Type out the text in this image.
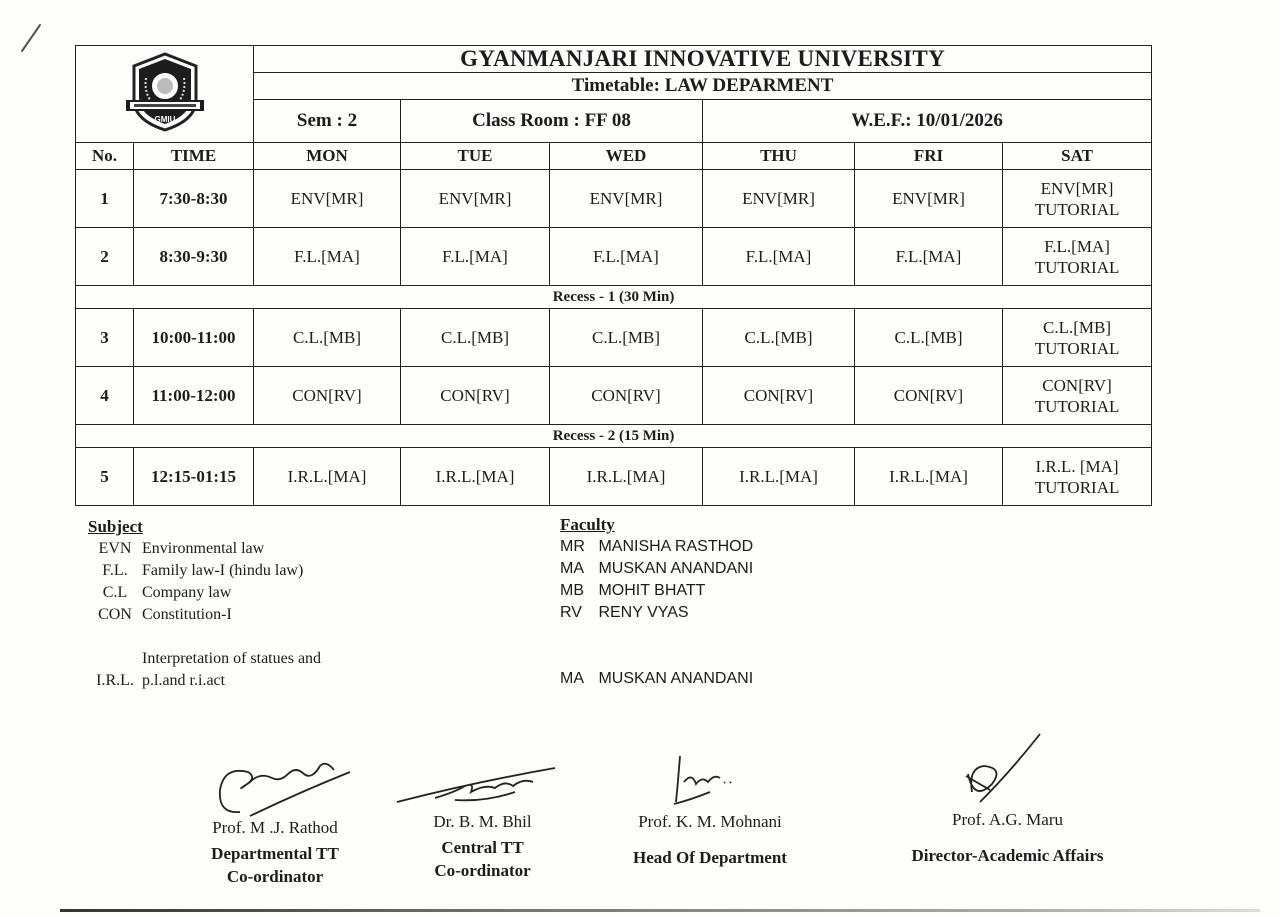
GMIU		GYANMANJARI INNOVATIVE UNIVERSITY					
		Timetable: LAW DEPARMENT					
		Sem : 2	Class Room : FF 08		W.E.F.: 10/01/2026		
No.	TIME	MON	TUE	WED	THU	FRI	SAT
1	7:30-8:30	ENV[MR]	ENV[MR]	ENV[MR]	ENV[MR]	ENV[MR]	ENV[MR]
TUTORIAL
2	8:30-9:30	F.L.[MA]	F.L.[MA]	F.L.[MA]	F.L.[MA]	F.L.[MA]	F.L.[MA]
TUTORIAL
Recess - 1 (30 Min)							
3	10:00-11:00	C.L.[MB]	C.L.[MB]	C.L.[MB]	C.L.[MB]	C.L.[MB]	C.L.[MB]
TUTORIAL
4	11:00-12:00	CON[RV]	CON[RV]	CON[RV]	CON[RV]	CON[RV]	CON[RV]
TUTORIAL
Recess - 2 (15 Min)							
5	12:15-01:15	I.R.L.[MA]	I.R.L.[MA]	I.R.L.[MA]	I.R.L.[MA]	I.R.L.[MA]	I.R.L. [MA]
TUTORIAL
Subject
EVN Environmental law
F.L. Family law-I (hindu law)
C.L Company law
CON Constitution-I
Interpretation of statues and
I.R.L. p.l.and r.i.act
Faculty
MR MANISHA RASTHOD
MA MUSKAN ANANDANI
MB MOHIT BHATT
RV RENY VYAS
MA MUSKAN ANANDANI
Prof. M .J. Rathod
Departmental TT
Co-ordinator
Dr. B. M. Bhil
Central TT
Co-ordinator
Prof. K. M. Mohnani
Head Of Department
Prof. A.G. Maru
Director-Academic Affairs
